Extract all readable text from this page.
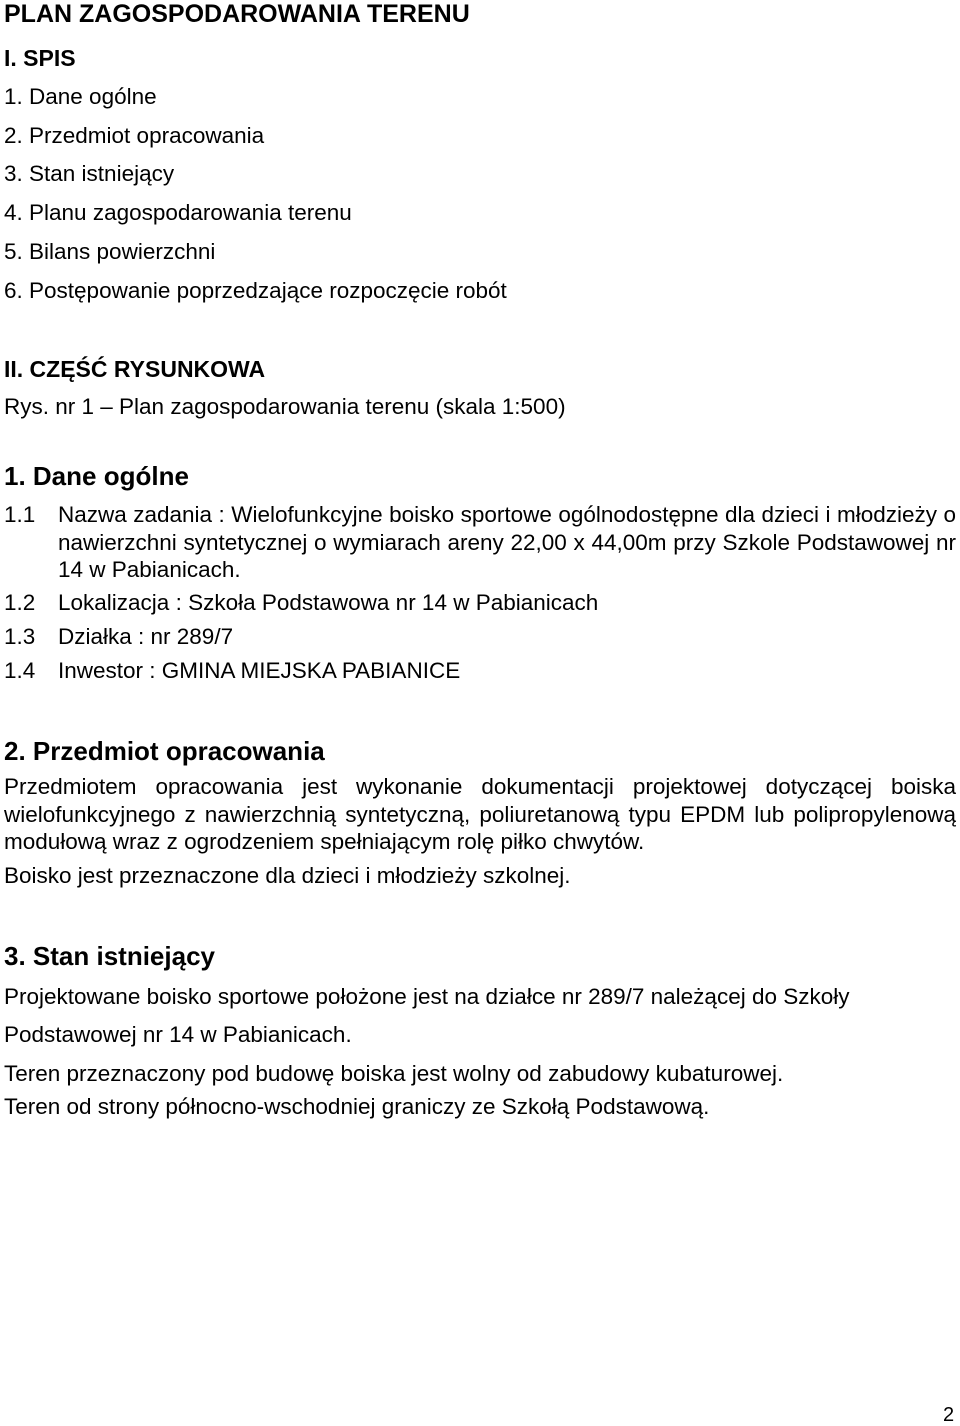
PLAN ZAGOSPODAROWANIA TERENU
I. SPIS
1. Dane ogólne
2. Przedmiot opracowania
3. Stan istniejący
4. Planu zagospodarowania terenu
5. Bilans powierzchni
6. Postępowanie poprzedzające rozpoczęcie robót
II. CZĘŚĆ RYSUNKOWA
Rys. nr 1 – Plan zagospodarowania terenu (skala 1:500)
1. Dane ogólne
1.1 Nazwa zadania : Wielofunkcyjne boisko sportowe ogólnodostępne dla dzieci i młodzieży o nawierzchni syntetycznej o wymiarach areny 22,00 x 44,00m przy Szkole Podstawowej nr 14 w Pabianicach.
1.2 Lokalizacja : Szkoła Podstawowa nr 14 w Pabianicach
1.3 Działka : nr 289/7
1.4 Inwestor : GMINA MIEJSKA PABIANICE
2. Przedmiot opracowania
Przedmiotem opracowania jest wykonanie dokumentacji projektowej dotyczącej boiska wielofunkcyjnego z nawierzchnią syntetyczną, poliuretanową typu EPDM lub polipropylenową modułową wraz z ogrodzeniem spełniającym rolę piłko chwytów.
Boisko jest przeznaczone dla dzieci i młodzieży szkolnej.
3. Stan istniejący
Projektowane boisko sportowe położone jest na działce nr 289/7 należącej do Szkoły
Podstawowej nr 14 w Pabianicach.
Teren przeznaczony pod budowę boiska jest wolny od zabudowy kubaturowej.
Teren od strony północno-wschodniej graniczy ze Szkołą Podstawową.
2
